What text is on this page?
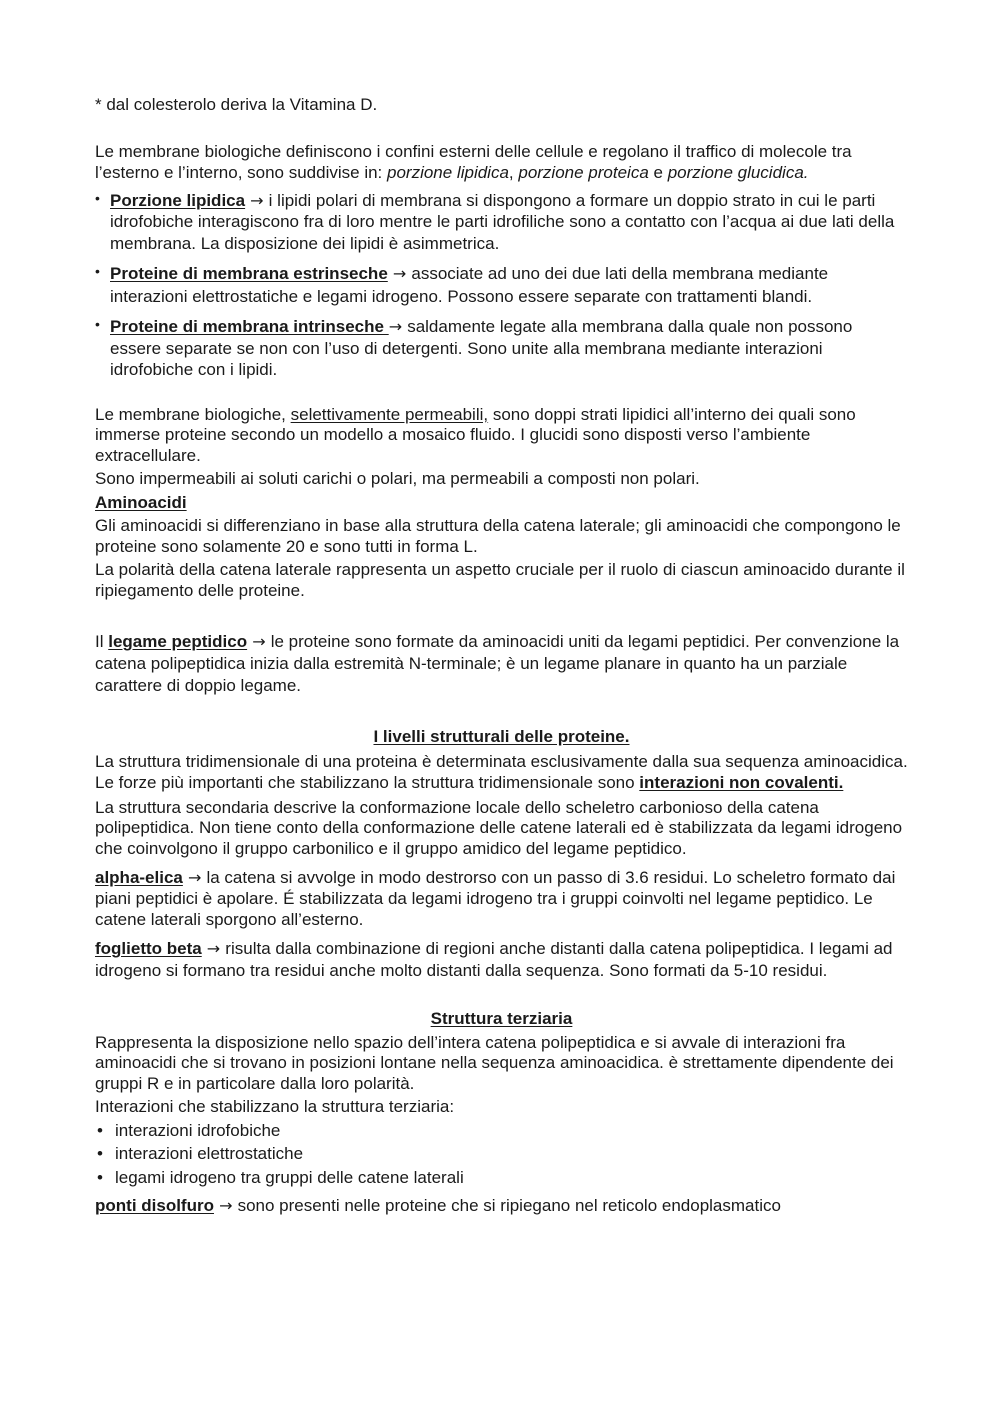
* dal colesterolo deriva la Vitamina D.

Le membrane biologiche definiscono i confini esterni delle cellule e regolano il traffico di molecole tra l’esterno e l’interno, sono suddivise in: porzione lipidica, porzione proteica e porzione glucidica.

• Porzione lipidica → i lipidi polari di membrana si dispongono a formare un doppio strato in cui le parti idrofobiche interagiscono fra di loro mentre le parti idrofiliche sono a contatto con l’acqua ai due lati della membrana. La disposizione dei lipidi è asimmetrica.
• Proteine di membrana estrinseche → associate ad uno dei due lati della membrana mediante interazioni elettrostatiche e legami idrogeno. Possono essere separate con trattamenti blandi.
• Proteine di membrana intrinseche → saldamente legate alla membrana dalla quale non possono essere separate se non con l’uso di detergenti. Sono unite alla membrana mediante interazioni idrofobiche con i lipidi.

Le membrane biologiche, selettivamente permeabili, sono doppi strati lipidici all’interno dei quali sono immerse proteine secondo un modello a mosaico fluido. I glucidi sono disposti verso l’ambiente extracellulare.

Sono impermeabili ai soluti carichi o polari, ma permeabili a composti non polari.

Aminoacidi

Gli aminoacidi si differenziano in base alla struttura della catena laterale; gli aminoacidi che compongono le proteine sono solamente 20 e sono tutti in forma L.

La polarità della catena laterale rappresenta un aspetto cruciale per il ruolo di ciascun aminoacido durante il ripiegamento delle proteine.

Il legame peptidico → le proteine sono formate da aminoacidi uniti da legami peptidici. Per convenzione la catena polipeptidica inizia dalla estremità N-terminale; è un legame planare in quanto ha un parziale carattere di doppio legame.

I livelli strutturali delle proteine.

La struttura tridimensionale di una proteina è determinata esclusivamente dalla sua sequenza aminoacidica. Le forze più importanti che stabilizzano la struttura tridimensionale sono interazioni non covalenti.

La struttura secondaria descrive la conformazione locale dello scheletro carbonioso della catena polipeptidica. Non tiene conto della conformazione delle catene laterali ed è stabilizzata da legami idrogeno che coinvolgono il gruppo carbonilico e il gruppo amidico del legame peptidico.

alpha-elica → la catena si avvolge in modo destrorso con un passo di 3.6 residui. Lo scheletro formato dai piani peptidici è apolare. É stabilizzata da legami idrogeno tra i gruppi coinvolti nel legame peptidico. Le catene laterali sporgono all’esterno.

foglietto beta → risulta dalla combinazione di regioni anche distanti dalla catena polipeptidica. I legami ad idrogeno si formano tra residui anche molto distanti dalla sequenza. Sono formati da 5-10 residui.

Struttura terziaria

Rappresenta la disposizione nello spazio dell’intera catena polipeptidica e si avvale di interazioni fra aminoacidi che si trovano in posizioni lontane nella sequenza aminoacidica. è strettamente dipendente dei gruppi R e in particolare dalla loro polarità.

Interazioni che stabilizzano la struttura terziaria:

• interazioni idrofobiche
• interazioni elettrostatiche
• legami idrogeno tra gruppi delle catene laterali

ponti disolfuro → sono presenti nelle proteine che si ripiegano nel reticolo endoplasmatico
